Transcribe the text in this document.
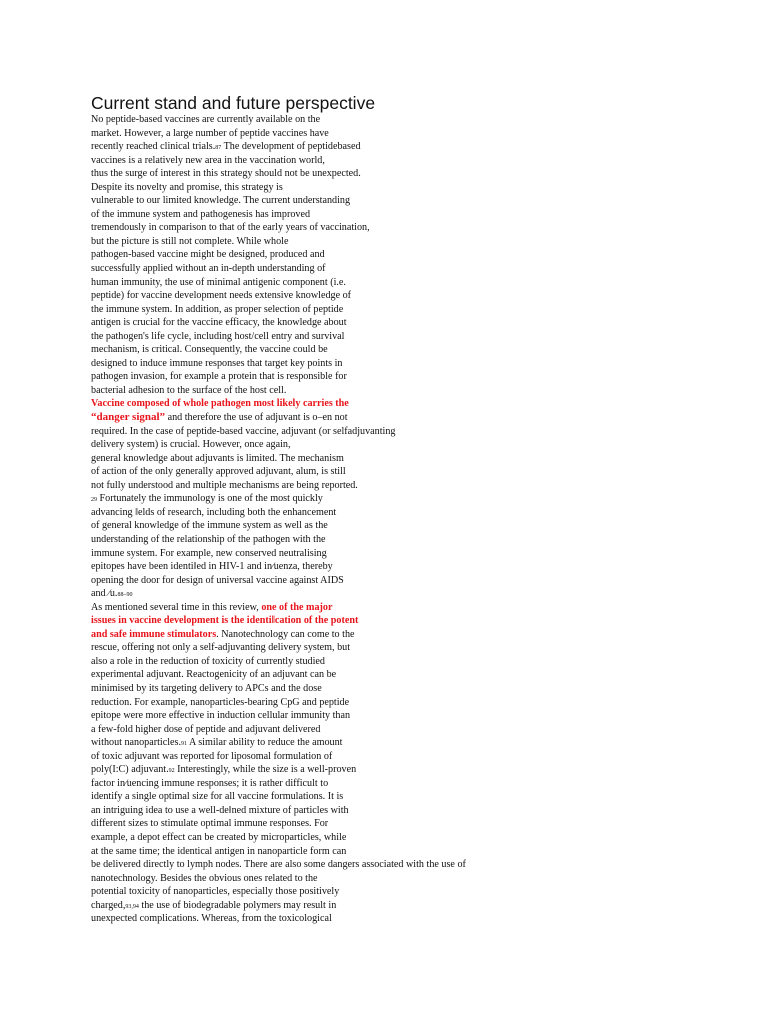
Current stand and future perspective
No peptide-based vaccines are currently available on the
market. However, a large number of peptide vaccines have
recently reached clinical trials.87 The development of peptidebased
vaccines is a relatively new area in the vaccination world,
thus the surge of interest in this strategy should not be unexpected.
Despite its novelty and promise, this strategy is
vulnerable to our limited knowledge. The current understanding
of the immune system and pathogenesis has improved
tremendously in comparison to that of the early years of vaccination,
but the picture is still not complete. While whole
pathogen-based vaccine might be designed, produced and
successfully applied without an in-depth understanding of
human immunity, the use of minimal antigenic component (i.e.
peptide) for vaccine development needs extensive knowledge of
the immune system. In addition, as proper selection of peptide
antigen is crucial for the vaccine efficacy, the knowledge about
the pathogen's life cycle, including host/cell entry and survival
mechanism, is critical. Consequently, the vaccine could be
designed to induce immune responses that target key points in
pathogen invasion, for example a protein that is responsible for
bacterial adhesion to the surface of the host cell.
Vaccine composed of whole pathogen most likely carries the
“danger signal” and therefore the use of adjuvant is o–en not
required. In the case of peptide-based vaccine, adjuvant (or selfadjuvanting
delivery system) is crucial. However, once again,
general knowledge about adjuvants is limited. The mechanism
of action of the only generally approved adjuvant, alum, is still
not fully understood and multiple mechanisms are being reported.
29 Fortunately the immunology is one of the most quickly
advancing ‖elds of research, including both the enhancement
of general knowledge of the immune system as well as the
understanding of the relationship of the pathogen with the
immune system. For example, new conserved neutralising
epitopes have been identi‖ed in HIV-1 and in∕uenza, thereby
opening the door for design of universal vaccine against AIDS
and ∕u.88–90
As mentioned several time in this review, one of the major
issues in vaccine development is the identi‖cation of the potent
and safe immune stimulators. Nanotechnology can come to the
rescue, offering not only a self-adjuvanting delivery system, but
also a role in the reduction of toxicity of currently studied
experimental adjuvant. Reactogenicity of an adjuvant can be
minimised by its targeting delivery to APCs and the dose
reduction. For example, nanoparticles-bearing CpG and peptide
epitope were more effective in induction cellular immunity than
a few-fold higher dose of peptide and adjuvant delivered
without nanoparticles.91 A similar ability to reduce the amount
of toxic adjuvant was reported for liposomal formulation of
poly(I:C) adjuvant.92 Interestingly, while the size is a well-proven
factor in∕uencing immune responses; it is rather difficult to
identify a single optimal size for all vaccine formulations. It is
an intriguing idea to use a well-de‖ned mixture of particles with
different sizes to stimulate optimal immune responses. For
example, a depot effect can be created by microparticles, while
at the same time; the identical antigen in nanoparticle form can
be delivered directly to lymph nodes. There are also some dangers associated with the use of
nanotechnology. Besides the obvious ones related to the
potential toxicity of nanoparticles, especially those positively
charged,93,94 the use of biodegradable polymers may result in
unexpected complications. Whereas, from the toxicological
